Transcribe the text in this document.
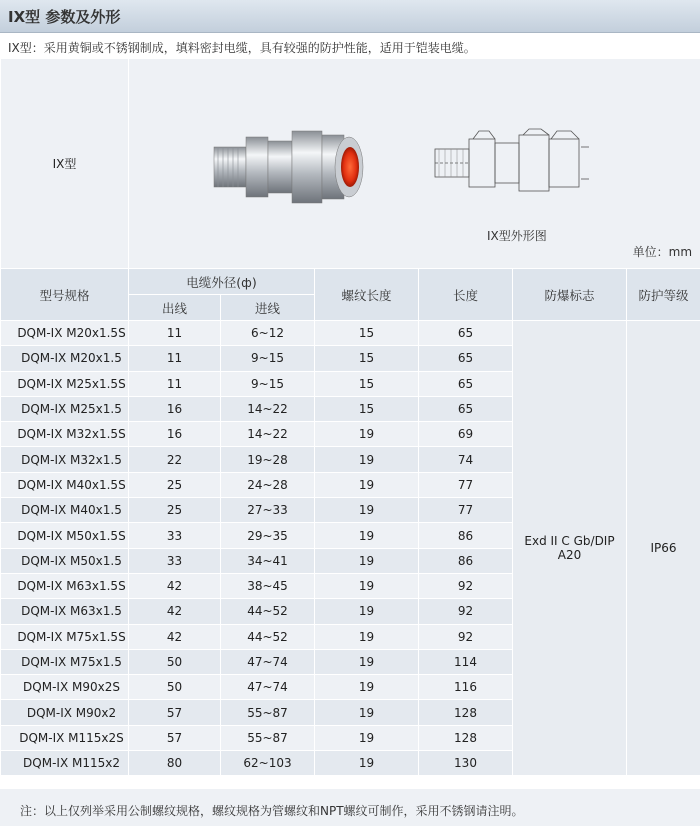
IX型 参数及外形
IX型：采用黄铜或不锈钢制成，填料密封电缆，具有较强的防护性能，适用于铠装电缆。
IX型	IX型外形图
单位：mm					

型号规格	电缆外径(ф)		螺纹长度	长度	防爆标志	防护等级
	出线	进线				
DQM-IX M20x1.5S	11	6~12	15	65	Exd II C Gb/DIP A20	IP66
DQM-IX M20x1.5	11	9~15	15	65		
DQM-IX M25x1.5S	11	9~15	15	65		
DQM-IX M25x1.5	16	14~22	15	65		
DQM-IX M32x1.5S	16	14~22	19	69		
DQM-IX M32x1.5	22	19~28	19	74		
DQM-IX M40x1.5S	25	24~28	19	77		
DQM-IX M40x1.5	25	27~33	19	77		
DQM-IX M50x1.5S	33	29~35	19	86		
DQM-IX M50x1.5	33	34~41	19	86		
DQM-IX M63x1.5S	42	38~45	19	92		
DQM-IX M63x1.5	42	44~52	19	92		
DQM-IX M75x1.5S	42	44~52	19	92		
DQM-IX M75x1.5	50	47~74	19	114		
DQM-IX M90x2S	50	47~74	19	116		
DQM-IX M90x2	57	55~87	19	128		
DQM-IX M115x2S	57	55~87	19	128		
DQM-IX M115x2	80	62~103	19	130		
注：以上仅列举采用公制螺纹规格，螺纹规格为管螺纹和NPT螺纹可制作，采用不锈钢请注明。
